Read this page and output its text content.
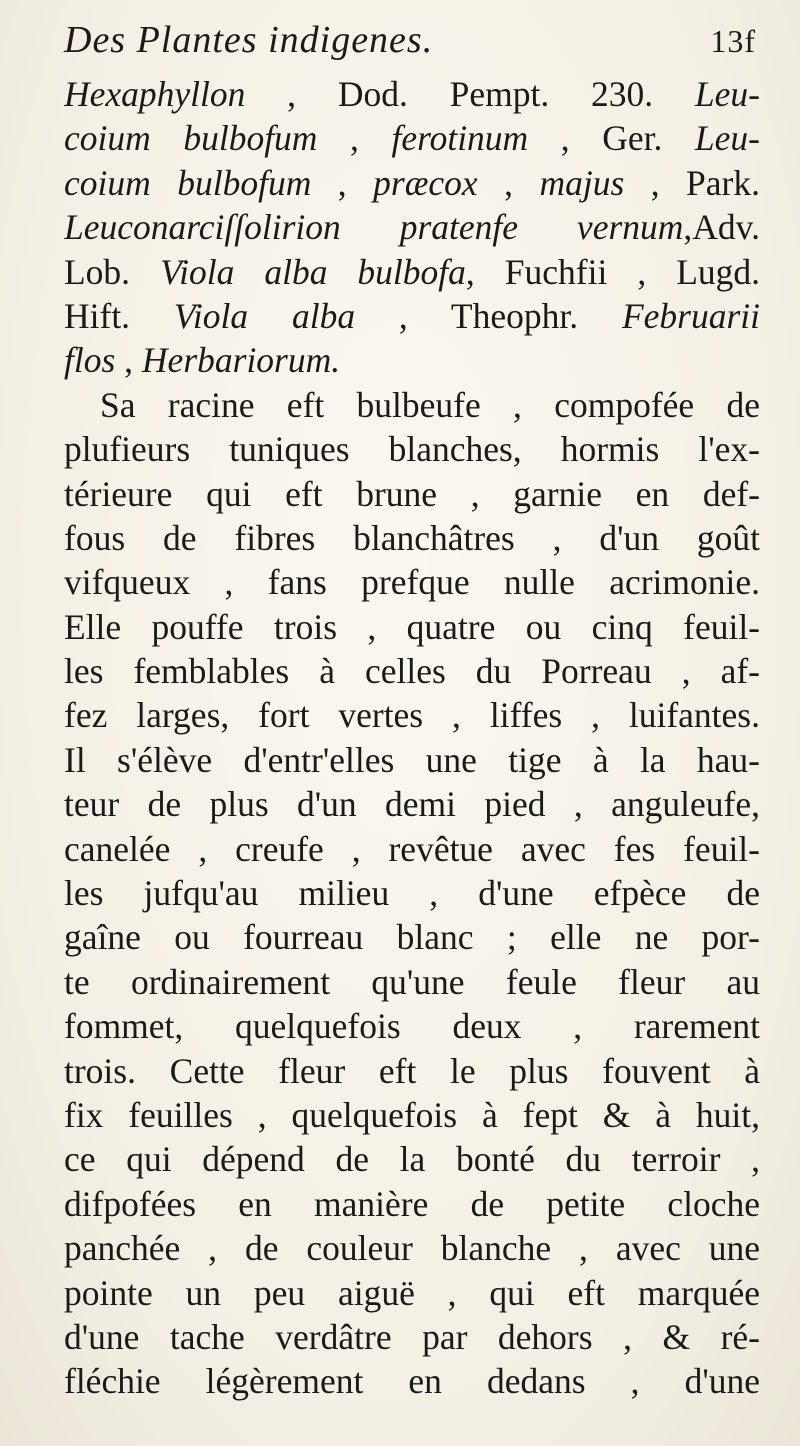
Des Plantes indigenes.	13f
Hexaphyllon , Dod. Pempt. 230. Leu-
coium bulbofum , ferotinum , Ger. Leu-
coium bulbofum , præcox , majus , Park.
Leuconarciſſolirion pratenfe vernum,Adv.
Lob. Viola alba bulbofa, Fuchfii , Lugd.
Hift. Viola alba , Theophr. Februarii
flos , Herbariorum.
Sa racine eft bulbeufe , compofée de
plufieurs tuniques blanches, hormis l'ex-
térieure qui eft brune , garnie en def-
fous de fibres blanchâtres , d'un goût
vifqueux , fans prefque nulle acrimonie.
Elle pouffe trois , quatre ou cinq feuil-
les femblables à celles du Porreau , af-
fez larges, fort vertes , liffes , luifantes.
Il s'élève d'entr'elles une tige à la hau-
teur de plus d'un demi pied , anguleufe,
canelée , creufe , revêtue avec fes feuil-
les jufqu'au milieu , d'une efpèce de
gaîne ou fourreau blanc ; elle ne por-
te ordinairement qu'une feule fleur au
fommet, quelquefois deux , rarement
trois. Cette fleur eft le plus fouvent à
fix feuilles , quelquefois à fept & à huit,
ce qui dépend de la bonté du terroir ,
difpofées en manière de petite cloche
panchée , de couleur blanche , avec une
pointe un peu aiguë , qui eft marquée
d'une tache verdâtre par dehors , & ré-
fléchie légèrement en dedans , d'une
